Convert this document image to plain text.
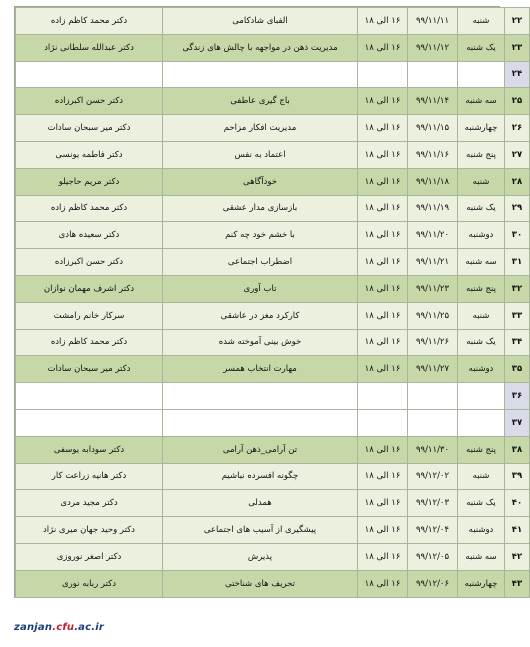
۲۲	شنبه	۹۹/۱۱/۱۱	۱۶ الی ۱۸	الفبای شادکامی	دکتر محمد کاظم زاده
۲۳	یک شنبه	۹۹/۱۱/۱۲	۱۶ الی ۱۸	مدیریت ذهن در مواجهه با چالش های زندگی	دکتر عبدالله سلطانی نژاد
۲۴					
۲۵	سه شنبه	۹۹/۱۱/۱۴	۱۶ الی ۱۸	باج گیری عاطفی	دکتر حسن اکبرزاده
۲۶	چهارشنبه	۹۹/۱۱/۱۵	۱۶ الی ۱۸	مدیریت افکار مزاحم	دکتر میر سبحان سادات
۲۷	پنج شنبه	۹۹/۱۱/۱۶	۱۶ الی ۱۸	اعتماد به نفس	دکتر فاطمه یونسی
۲۸	شنبه	۹۹/۱۱/۱۸	۱۶ الی ۱۸	خودآگاهی	دکتر مریم حاجیلو
۲۹	یک شنبه	۹۹/۱۱/۱۹	۱۶ الی ۱۸	بازسازی مدار عشقی	دکتر محمد کاظم زاده
۳۰	دوشنبه	۹۹/۱۱/۲۰	۱۶ الی ۱۸	با خشم خود چه کنم	دکتر سعیده هادی
۳۱	سه شنبه	۹۹/۱۱/۲۱	۱۶ الی ۱۸	اضطراب اجتماعی	دکتر حسن اکبرزاده
۳۲	پنج شنبه	۹۹/۱۱/۲۳	۱۶ الی ۱۸	تاب آوری	دکتر اشرف مهمان نوازان
۳۳	شنبه	۹۹/۱۱/۲۵	۱۶ الی ۱۸	کارکرد مغز در عاشقی	سرکار خانم رامشت
۳۴	یک شنبه	۹۹/۱۱/۲۶	۱۶ الی ۱۸	خوش بینی آموخته شده	دکتر محمد کاظم زاده
۳۵	دوشنبه	۹۹/۱۱/۲۷	۱۶ الی ۱۸	مهارت انتخاب همسر	دکتر میر سبحان سادات
۳۶					
۳۷					
۳۸	پنج شنبه	۹۹/۱۱/۳۰	۱۶ الی ۱۸	تن آرامی_ذهن آرامی	دکتر سودابه یوسفی
۳۹	شنبه	۹۹/۱۲/۰۲	۱۶ الی ۱۸	چگونه افسرده نباشیم	دکتر هانیه زراعت کار
۴۰	یک شنبه	۹۹/۱۲/۰۳	۱۶ الی ۱۸	همدلی	دکتر مجید مردی
۴۱	دوشنبه	۹۹/۱۲/۰۴	۱۶ الی ۱۸	پیشگیری از آسیب های اجتماعی	دکتر وحید جهان میری نژاد
۴۲	سه شنبه	۹۹/۱۲/۰۵	۱۶ الی ۱۸	پذیرش	دکتر اصغر نوروزی
۴۳	چهارشنبه	۹۹/۱۲/۰۶	۱۶ الی ۱۸	تحریف های شناختی	دکتر ربابه نوری
zanjan.cfu.ac.ir
